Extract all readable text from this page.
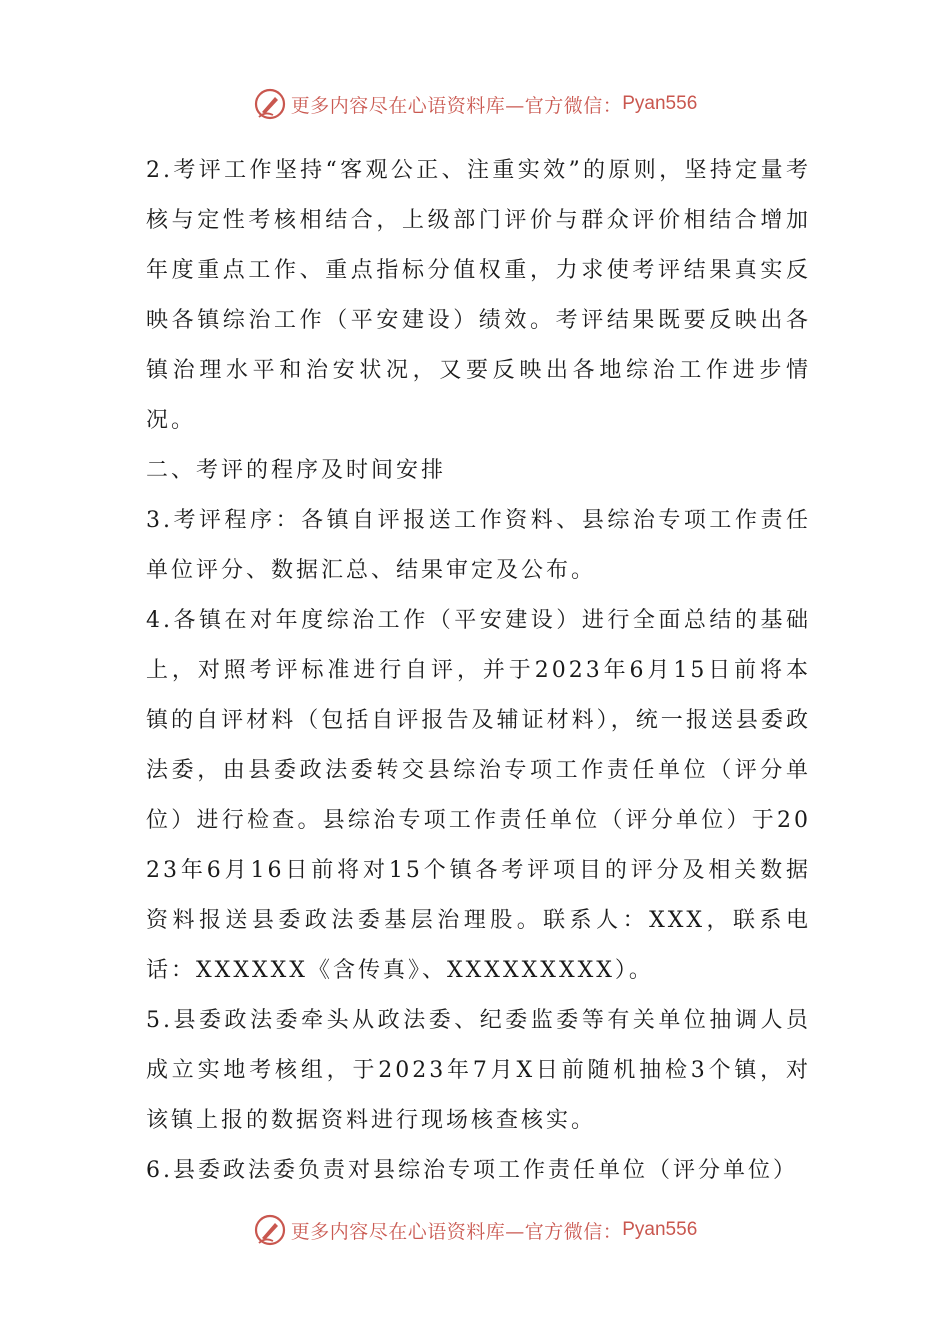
更多内容尽在心语资料库—官方微信： Pyan556

2.考评工作坚持“客观公正、注重实效”的原则，坚持定量考核与定性考核相结合，上级部门评价与群众评价相结合增加年度重点工作、重点指标分值权重，力求使考评结果真实反映各镇综治工作（平安建设）绩效。考评结果既要反映出各镇治理水平和治安状况，又要反映出各地综治工作进步情况。

二、考评的程序及时间安排

3.考评程序：各镇自评报送工作资料、县综治专项工作责任单位评分、数据汇总、结果审定及公布。

4.各镇在对年度综治工作（平安建设）进行全面总结的基础上，对照考评标准进行自评，并于2023年6月15日前将本镇的自评材料（包括自评报告及辅证材料），统一报送县委政法委，由县委政法委转交县综治专项工作责任单位（评分单位）进行检查。县综治专项工作责任单位（评分单位）于2023年6月16日前将对15个镇各考评项目的评分及相关数据资料报送县委政法委基层治理股。联系人：XXX，联系电话：XXXXXX《含传真》、XXXXXXXXX）。

5.县委政法委牵头从政法委、纪委监委等有关单位抽调人员成立实地考核组，于2023年7月X日前随机抽检3个镇，对该镇上报的数据资料进行现场核查核实。

6.县委政法委负责对县综治专项工作责任单位（评分单位）

更多内容尽在心语资料库—官方微信： Pyan556
